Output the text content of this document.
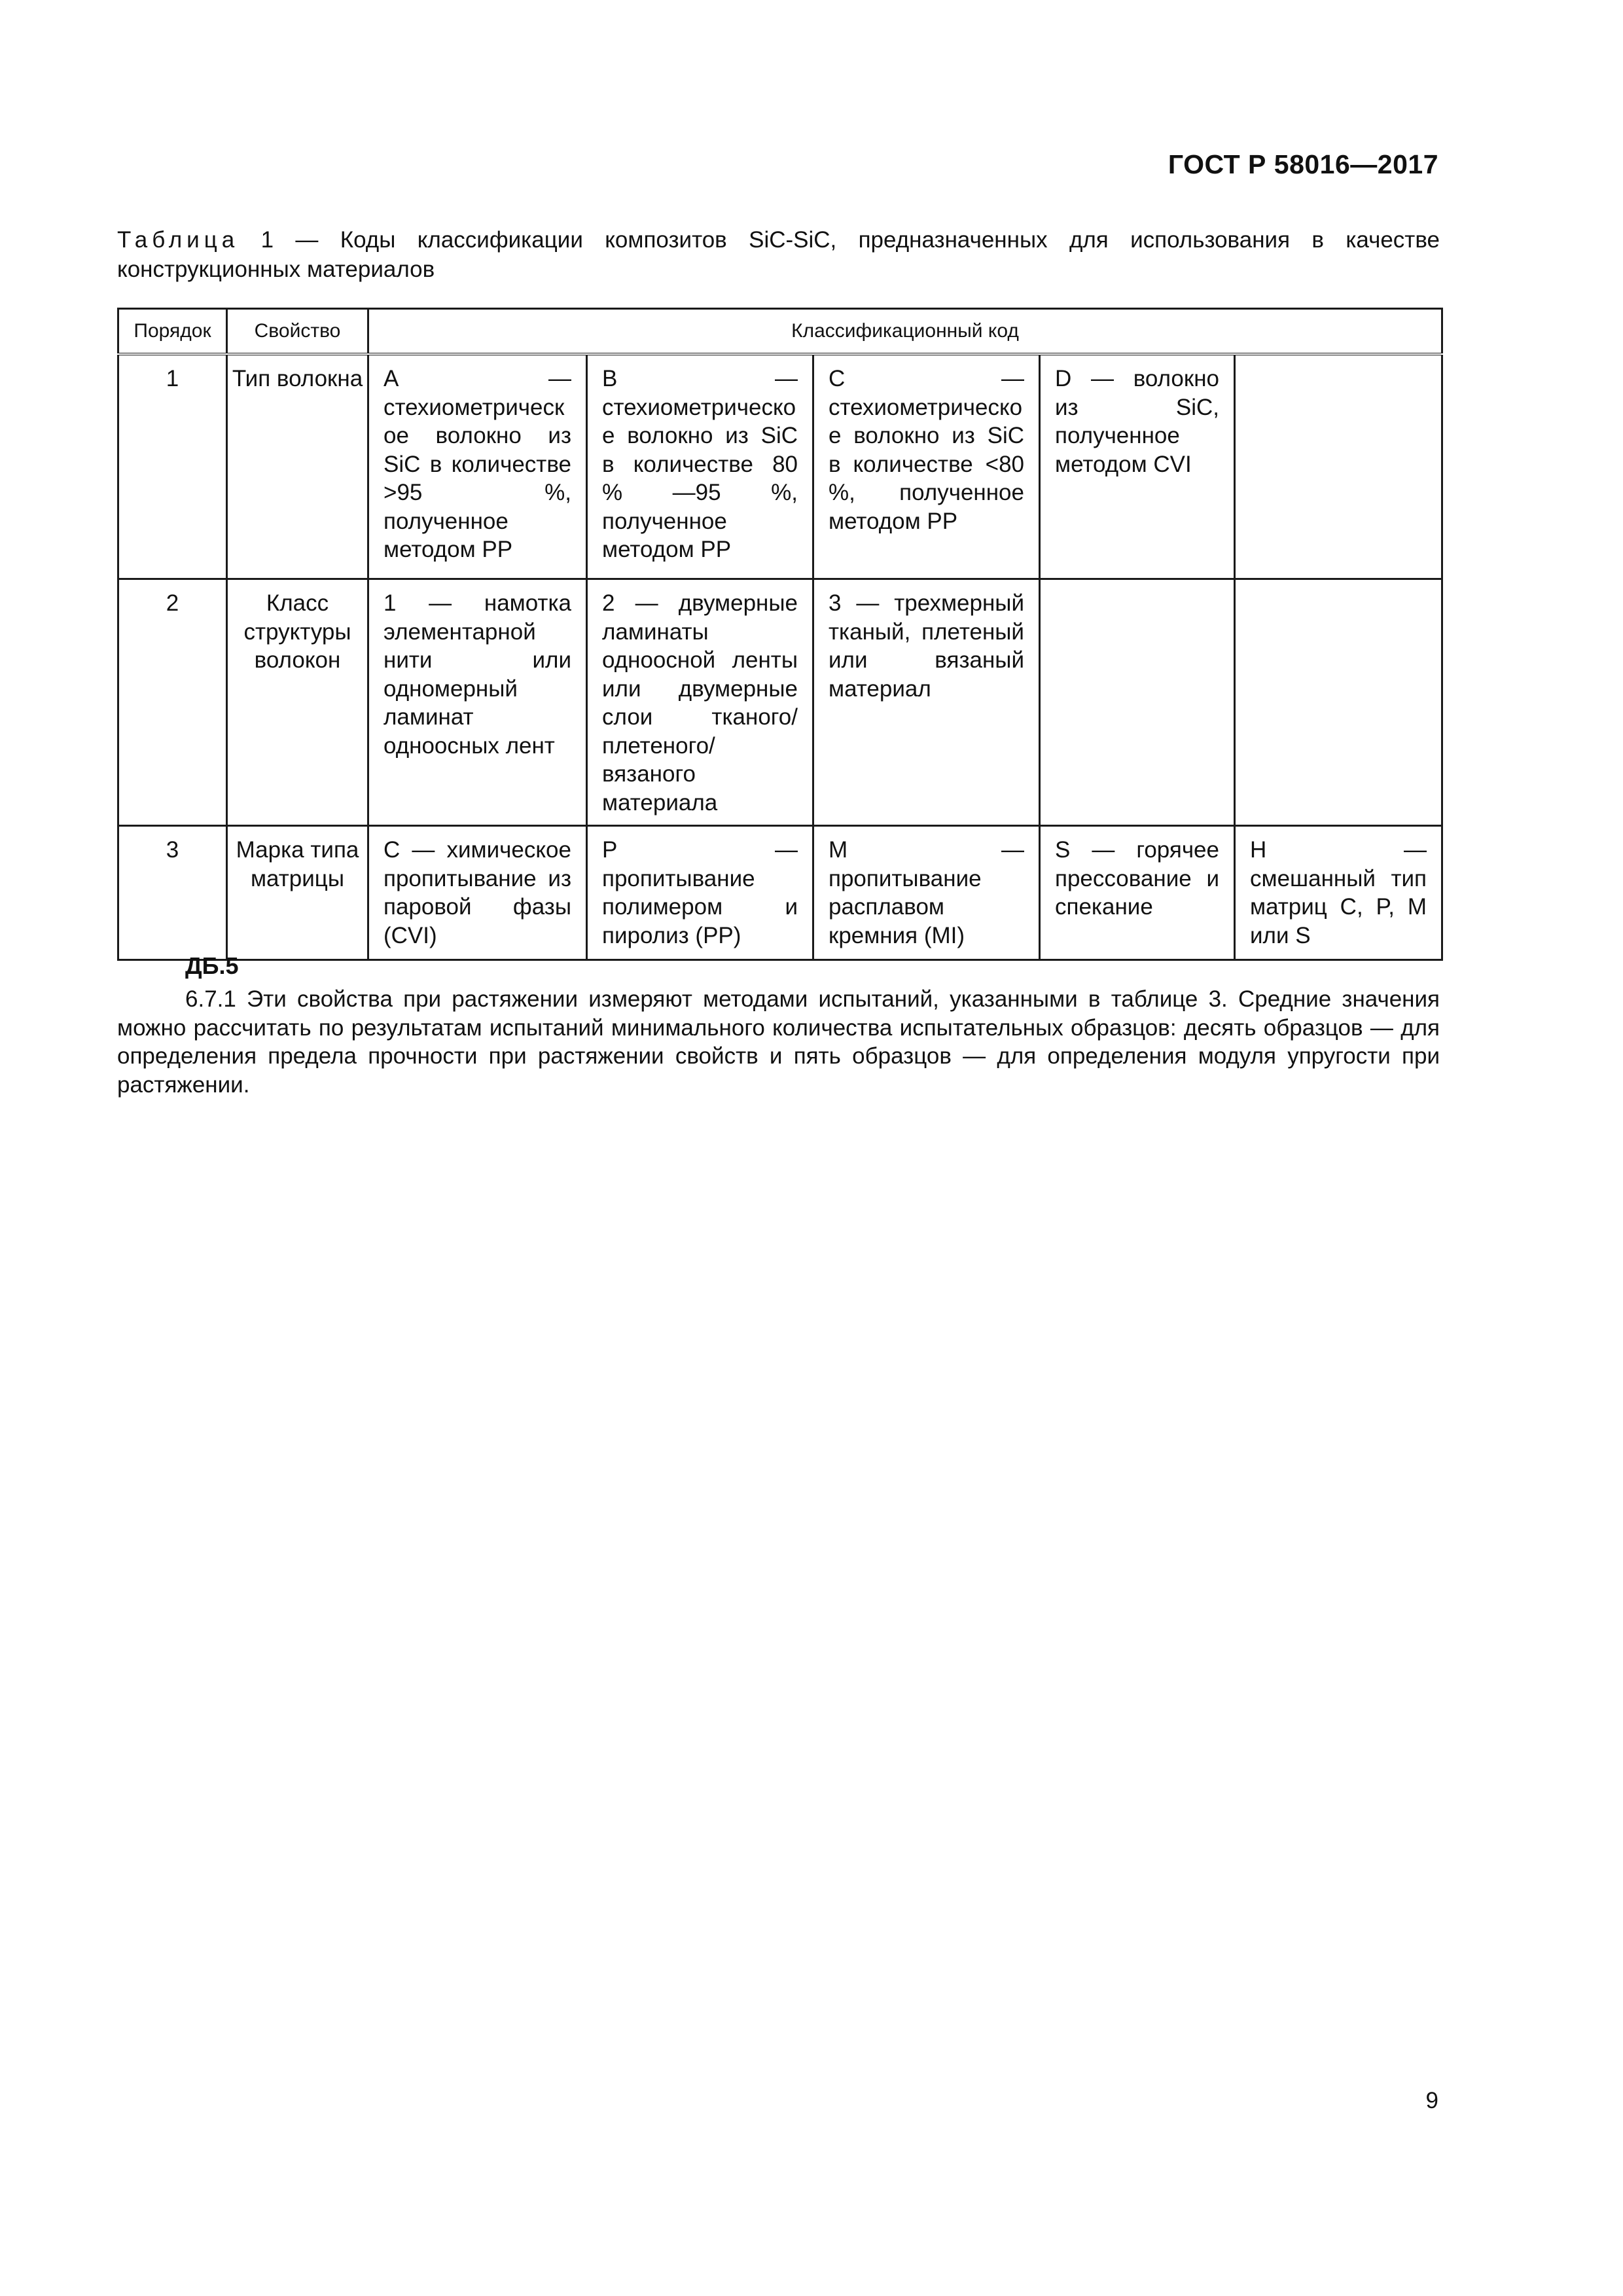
ГОСТ Р 58016—2017
Таблица 1 — Коды классификации композитов SiC-SiC, предназначенных для использования в качестве конструкционных материалов
Порядок	Свойство	Классификационный код				
1	Тип волокна	A — стехиометрическое волокно из SiC в количестве >95 %, полученное методом PP	B — стехиометрическое волокно из SiC в количестве 80 % —95 %, полученное методом PP	C — стехиометрическое волокно из SiC в количестве <80 %, полученное методом PP	D — волокно из SiC, полученное методом CVI	
2	Класс структуры волокон	1 — намотка элементарной нити или одномерный ламинат одноосных лент	2 — двумерные ламинаты одноосной ленты или двумерные слои тканого/плетеного/вязаного материала	3 — трехмерный тканый, плетеный или вязаный материал		
3	Марка типа матрицы	C — химическое пропитывание из паровой фазы (CVI)	P — пропитывание полимером и пиролиз (PP)	M — пропитывание расплавом кремния (MI)	S — горячее прессование и спекание	H — смешанный тип матриц C, P, M или S
ДБ.5
6.7.1 Эти свойства при растяжении измеряют методами испытаний, указанными в таблице 3. Средние значения можно рассчитать по результатам испытаний минимального количества испытательных образцов: десять образцов — для определения предела прочности при растяжении свойств и пять образцов — для определения модуля упругости при растяжении.
9
